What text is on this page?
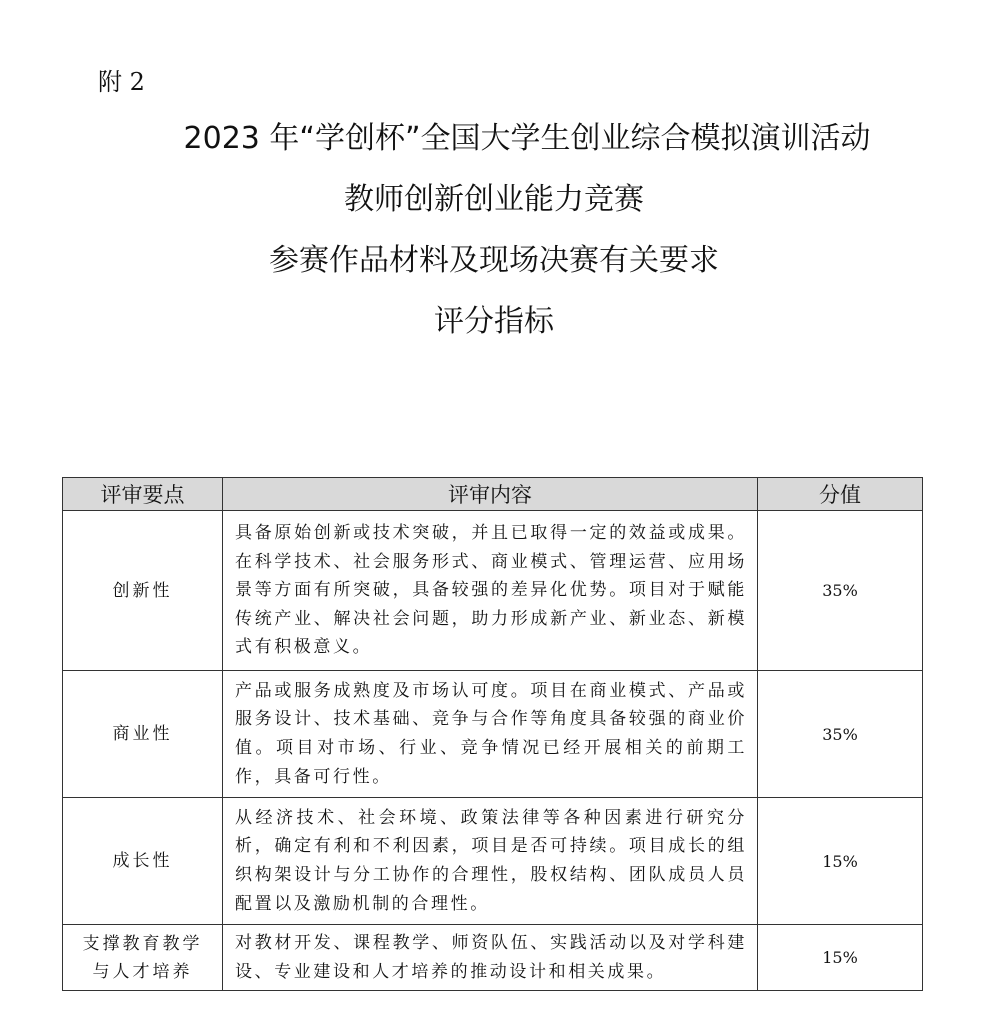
附 2
2023 年“学创杯”全国大学生创业综合模拟演训活动
教师创新创业能力竞赛
参赛作品材料及现场决赛有关要求
评分指标
评审要点	评审内容	分值
创新性	具备原始创新或技术突破，并且已取得一定的效益或成果。在科学技术、社会服务形式、商业模式、管理运营、应用场景等方面有所突破，具备较强的差异化优势。项目对于赋能传统产业、解决社会问题，助力形成新产业、新业态、新模式有积极意义。	35%
商业性	产品或服务成熟度及市场认可度。项目在商业模式、产品或服务设计、技术基础、竞争与合作等角度具备较强的商业价值。项目对市场、行业、竞争情况已经开展相关的前期工作，具备可行性。	35%
成长性	从经济技术、社会环境、政策法律等各种因素进行研究分析，确定有利和不利因素，项目是否可持续。项目成长的组织构架设计与分工协作的合理性，股权结构、团队成员人员配置以及激励机制的合理性。	15%
支撑教育教学与人才培养	对教材开发、课程教学、师资队伍、实践活动以及对学科建设、专业建设和人才培养的推动设计和相关成果。	15%
